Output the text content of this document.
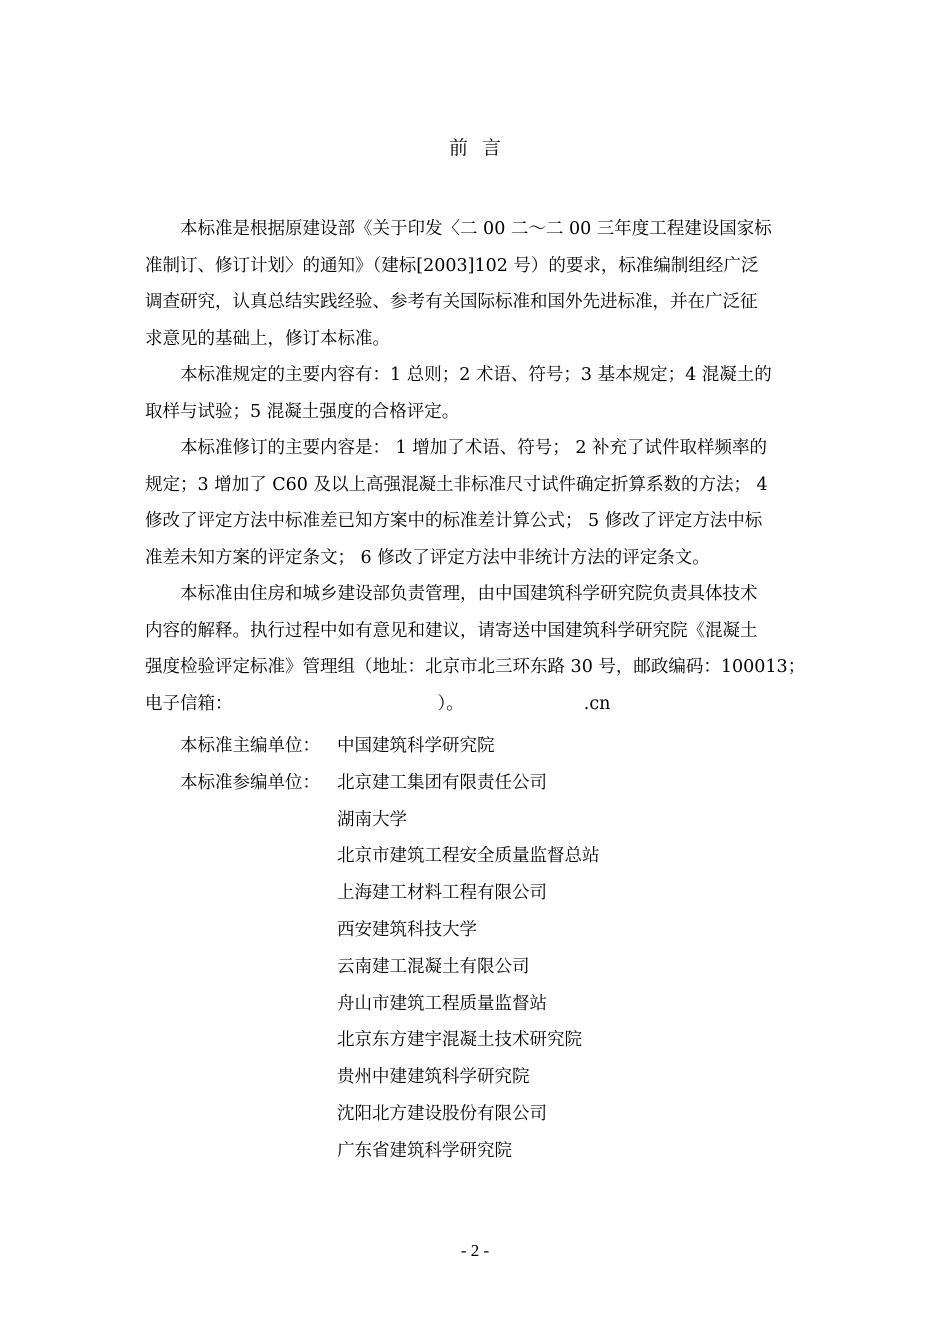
前言
本标准是根据原建设部《关于印发〈二 00 二～二 00 三年度工程建设国家标
准制订、修订计划〉的通知》（建标[2003]102 号）的要求，标准编制组经广泛
调查研究，认真总结实践经验、参考有关国际标准和国外先进标准，并在广泛征
求意见的基础上，修订本标准。
本标准规定的主要内容有：1 总则；2 术语、符号；3 基本规定；4 混凝土的
取样与试验；5 混凝土强度的合格评定。
本标准修订的主要内容是： 1 增加了术语、符号； 2 补充了试件取样频率的
规定；3 增加了 C60 及以上高强混凝土非标准尺寸试件确定折算系数的方法； 4
修改了评定方法中标准差已知方案中的标准差计算公式； 5 修改了评定方法中标
准差未知方案的评定条文； 6 修改了评定方法中非统计方法的评定条文。
本标准由住房和城乡建设部负责管理，由中国建筑科学研究院负责具体技术
内容的解释。执行过程中如有意见和建议，请寄送中国建筑科学研究院《混凝土
强度检验评定标准》管理组（地址：北京市北三环东路 30 号，邮政编码：100013；
电子信箱：	）。	.cn
本标准主编单位： 中国建筑科学研究院
本标准参编单位： 北京建工集团有限责任公司
湖南大学
北京市建筑工程安全质量监督总站
上海建工材料工程有限公司
西安建筑科技大学
云南建工混凝土有限公司
舟山市建筑工程质量监督站
北京东方建宇混凝土技术研究院
贵州中建建筑科学研究院
沈阳北方建设股份有限公司
广东省建筑科学研究院
- 2 -
